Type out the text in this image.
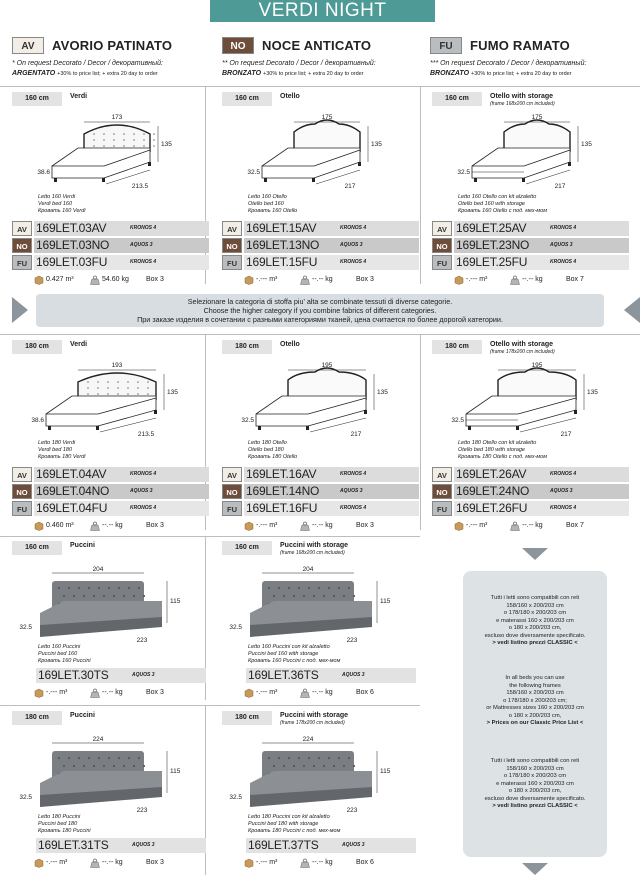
VERDI NIGHT
AV	AVORIO PATINATO
* On request Decorato / Decor / декоративный:
ARGENTATO +30% to price list; + extra 20 day to order
NO	NOCE ANTICATO
** On request Decorato / Decor / декоративный:
BRONZATO +30% to price list; + extra 20 day to order
FU	FUMO RAMATO
*** On request Decorato / Decor / декоративный:
BRONZATO +30% to price list; + extra 20 day to order
Selezionare la categoria di stoffa piu' alta se combinate tessuti di diverse categorie.
Choose the higher category if you combine fabrics of different categories.
При заказе изделия в сочетании с разными категориями тканей, цена считается по более дорогой категории.
Tutti i letti sono compatibili con reti
158/160 x 200/203 cm
o 178/180 x 200/203 cm
e materassi 160 x 200/203 cm
o 180 x 200/203 cm,
escluso dove diversamente specificato.
> vedi listino prezzi CLASSIC <
In all beds you can use
the following frames
158/160 x 200/203 cm
o 178/180 x 200/203 cm;
or Mattresses sizes 160 x 200/203 cm
o 180 x 200/203 cm,
> Prices on our Classic Price List <
Tutti i letti sono compatibili con reti
158/160 x 200/203 cm
o 178/180 x 200/203 cm
e materassi 160 x 200/203 cm
o 180 x 200/203 cm,
escluso dove diversamente specificato.
> vedi listino prezzi CLASSIC <
160 cm	Verdi
173
135
38.6
213.5
Letto 160 Verdi
Verdi bed 160
Кровать 160 Verdi
AV 169LET.03AV	KRONOS 4
NO 169LET.03NO	AQUOS 3
FU 169LET.03FU	KRONOS 4
0.427 m³	54.60 kg Box 3
160 cm	Otello
175
135
32.5
217
Letto 160 Otello
Otello bed 160
Кровать 160 Otello
AV 169LET.15AV	KRONOS 4
NO 169LET.13NO	AQUOS 3
FU 169LET.15FU	KRONOS 4
-.--- m³	--.-- kg	Box 3
160 cm	Otello with storage
(frame 168x200 cm included)
175
135
32.5
217
Letto 160 Otello con kit alzaletto
Otello bed 160 with storage
Кровать 160 Otello с под. мех-мом
AV 169LET.25AV	KRONOS 4
NO 169LET.23NO	AQUOS 3
FU 169LET.25FU	KRONOS 4
-.--- m³	--.-- kg	Box 7
180 cm	Verdi
193
135
38.6
213.5
Letto 180 Verdi
Verdi bed 180
Кровать 180 Verdi
AV 169LET.04AV	KRONOS 4
NO 169LET.04NO	AQUOS 3
FU 169LET.04FU	KRONOS 4
0.460 m³	--.-- kg	Box 3
180 cm	Otello
195
135
32.5
217
Letto 180 Otello
Otello bed 180
Кровать 180 Otello
AV 169LET.16AV	KRONOS 4
NO 169LET.14NO	AQUOS 3
FU 169LET.16FU	KRONOS 4
-.--- m³	--.-- kg	Box 3
180 cm	Otello with storage
(frame 178x200 cm included)
195
135
32.5
217
Letto 180 Otello con kit alzaletto
Otello bed 180 with storage
Кровать 180 Otello с под. мех-мом
AV 169LET.26AV	KRONOS 4
NO 169LET.24NO	AQUOS 3
FU 169LET.26FU	KRONOS 4
-.--- m³	--.-- kg	Box 7
160 cm	Puccini
204
115
32.5
223
Letto 160 Puccini
Puccini bed 160
Кровать 160 Puccini
169LET.30TS	AQUOS 3
-.--- m³	--.-- kg	Box 3
160 cm	Puccini with storage
(frame 168x200 cm included)
204
115
32.5
223
Letto 160 Puccini con kit alzaletto
Puccini bed 160 with storage
Кровать 160 Puccini с под. мех-мом
169LET.36TS	AQUOS 3
-.--- m³	--.-- kg	Box 6
180 cm	Puccini
224
115
32.5
223
Letto 180 Puccini
Puccini bed 180
Кровать 180 Puccini
169LET.31TS	AQUOS 3
-.--- m³	--.-- kg	Box 3
180 cm	Puccini with storage
(frame 178x200 cm included)
224
115
32.5
223
Letto 180 Puccini con kit alzaletto
Puccini bed 180 with storage
Кровать 180 Puccini с под. мех-мом
169LET.37TS	AQUOS 3
-.--- m³	--.-- kg	Box 6
